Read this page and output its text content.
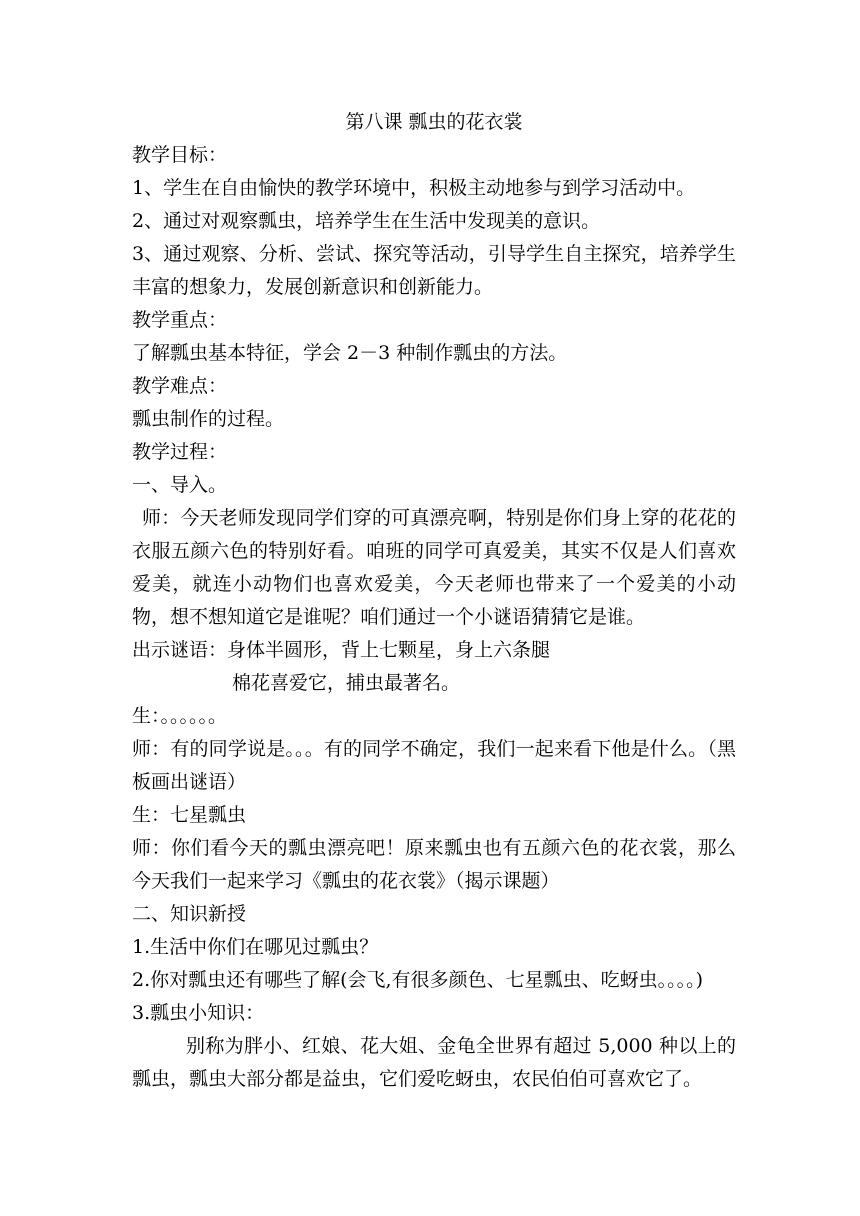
第八课 瓢虫的花衣裳
教学目标：
1、学生在自由愉快的教学环境中，积极主动地参与到学习活动中。
2、通过对观察瓢虫，培养学生在生活中发现美的意识。
3、通过观察、分析、尝试、探究等活动，引导学生自主探究，培养学生丰富的想象力，发展创新意识和创新能力。
教学重点：
了解瓢虫基本特征，学会 2－3 种制作瓢虫的方法。
教学难点：
瓢虫制作的过程。
教学过程：
一、导入。
师：今天老师发现同学们穿的可真漂亮啊，特别是你们身上穿的花花的衣服五颜六色的特别好看。咱班的同学可真爱美，其实不仅是人们喜欢爱美，就连小动物们也喜欢爱美，今天老师也带来了一个爱美的小动物，想不想知道它是谁呢？咱们通过一个小谜语猜猜它是谁。
出示谜语：身体半圆形，背上七颗星，身上六条腿
棉花喜爱它，捕虫最著名。
生：。。。。。。
师：有的同学说是。。。有的同学不确定，我们一起来看下他是什么。（黑板画出谜语）
生：七星瓢虫
师：你们看今天的瓢虫漂亮吧！原来瓢虫也有五颜六色的花衣裳，那么今天我们一起来学习《瓢虫的花衣裳》（揭示课题）
二、知识新授
1.生活中你们在哪见过瓢虫？
2.你对瓢虫还有哪些了解(会飞,有很多颜色、七星瓢虫、吃蚜虫。。。。)
3.瓢虫小知识：
别称为胖小、红娘、花大姐、金龟全世界有超过 5,000 种以上的瓢虫，瓢虫大部分都是益虫，它们爱吃蚜虫，农民伯伯可喜欢它了。
